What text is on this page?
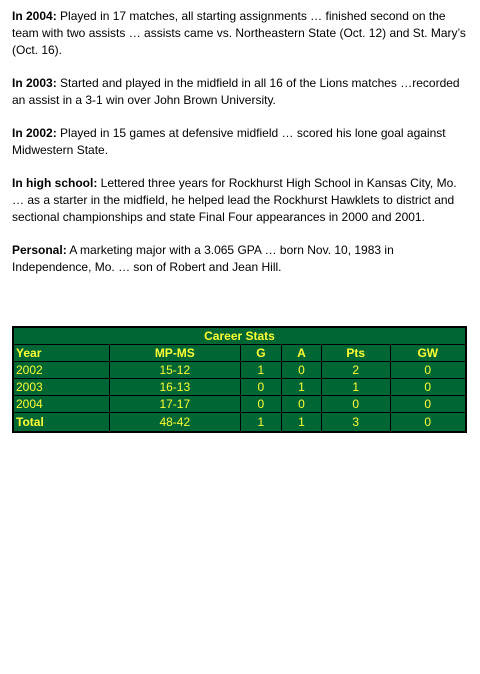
In 2004: Played in 17 matches, all starting assignments … finished second on the team with two assists … assists came vs. Northeastern State (Oct. 12) and St. Mary’s (Oct. 16).

In 2003: Started and played in the midfield in all 16 of the Lions matches …recorded an assist in a 3-1 win over John Brown University.

In 2002: Played in 15 games at defensive midfield … scored his lone goal against Midwestern State.

In high school: Lettered three years for Rockhurst High School in Kansas City, Mo. … as a starter in the midfield, he helped lead the Rockhurst Hawklets to district and sectional championships and state Final Four appearances in 2000 and 2001.

Personal: A marketing major with a 3.065 GPA … born Nov. 10, 1983 in Independence, Mo. … son of Robert and Jean Hill.

Career Stats					
Year	MP-MS	G	A	Pts	GW
2002	15-12	1	0	2	0
2003	16-13	0	1	1	0
2004	17-17	0	0	0	0
Total	48-42	1	1	3	0
